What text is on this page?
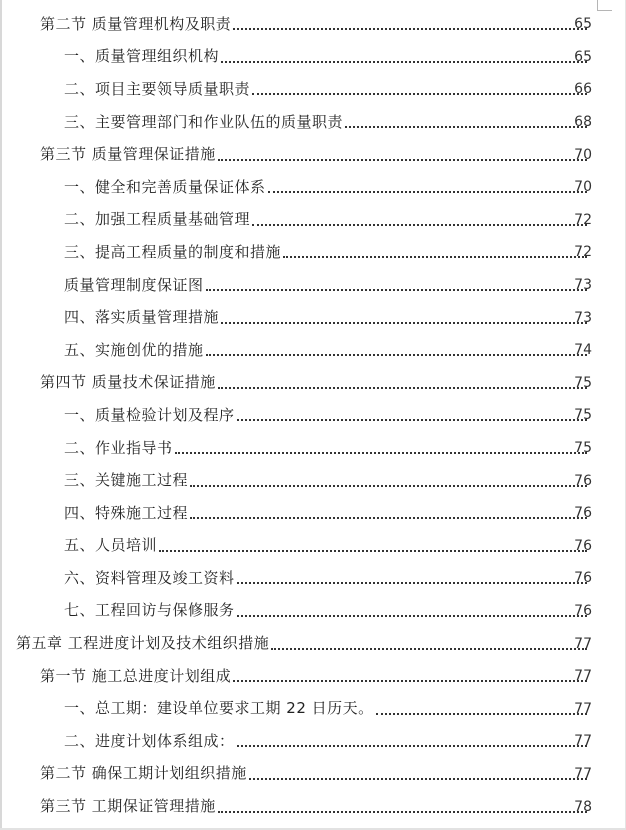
第二节 质量管理机构及职责	65
一、质量管理组织机构	65
二、项目主要领导质量职责	66
三、主要管理部门和作业队伍的质量职责	68
第三节 质量管理保证措施	70
一、健全和完善质量保证体系	70
二、加强工程质量基础管理	72
三、提高工程质量的制度和措施	72
质量管理制度保证图	73
四、落实质量管理措施	73
五、实施创优的措施	74
第四节 质量技术保证措施	75
一、质量检验计划及程序	75
二、作业指导书	75
三、关键施工过程	76
四、特殊施工过程	76
五、人员培训	76
六、资料管理及竣工资料	76
七、工程回访与保修服务	76
第五章 工程进度计划及技术组织措施	77
第一节 施工总进度计划组成	77
一、总工期：建设单位要求工期 22 日历天。	77
二、进度计划体系组成：	77
第二节 确保工期计划组织措施	77
第三节 工期保证管理措施	78
